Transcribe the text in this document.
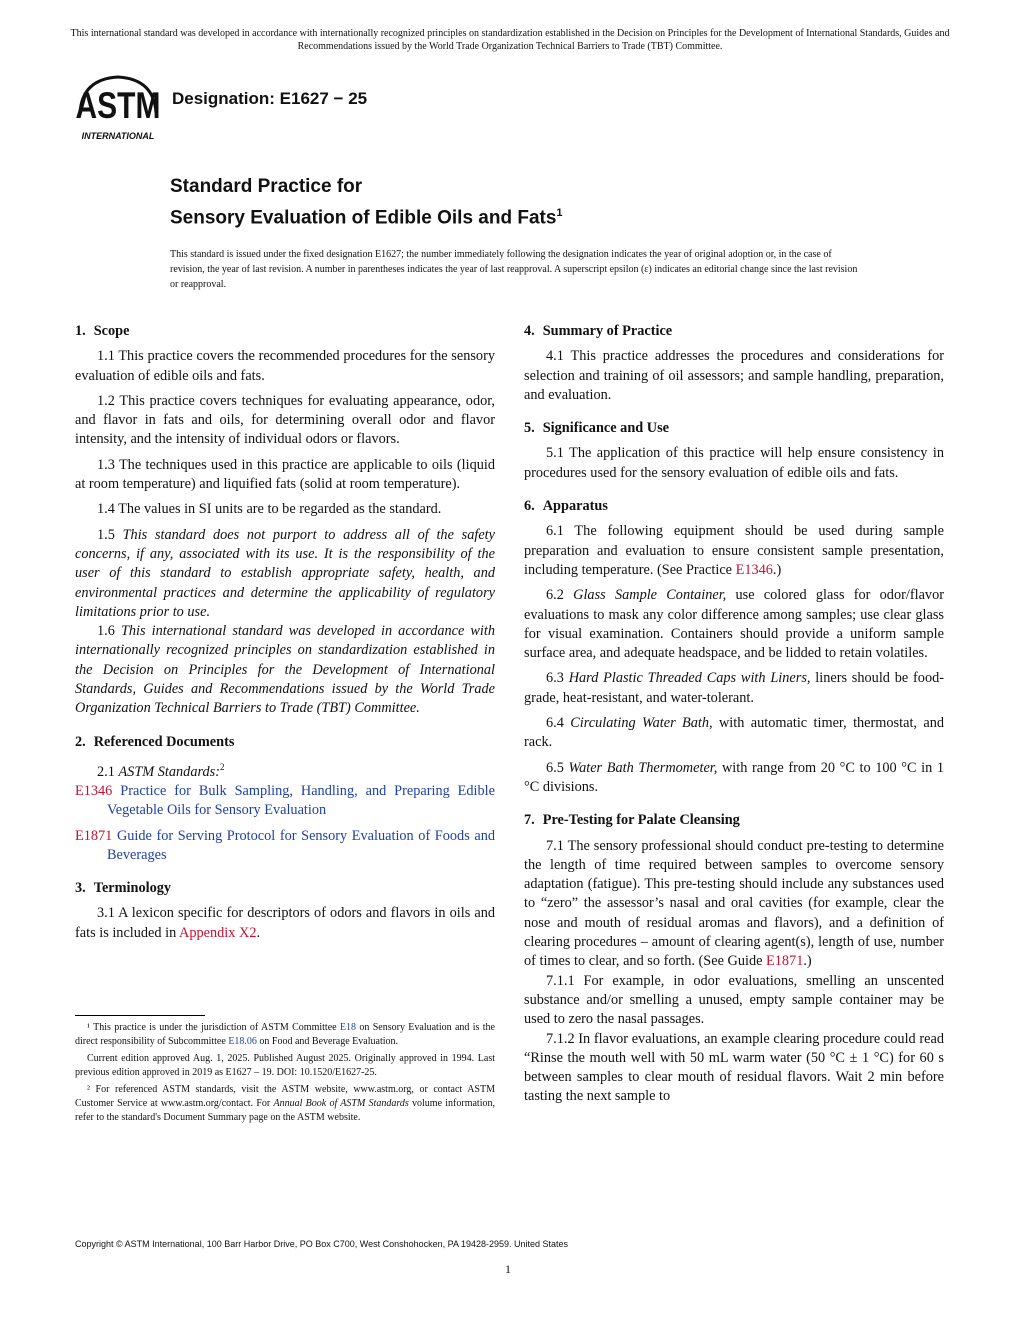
This international standard was developed in accordance with internationally recognized principles on standardization established in the Decision on Principles for the Development of International Standards, Guides and Recommendations issued by the World Trade Organization Technical Barriers to Trade (TBT) Committee.
ASTM
INTERNATIONAL
Designation: E1627 − 25
Standard Practice for
Sensory Evaluation of Edible Oils and Fats$^1$
This standard is issued under the fixed designation E1627; the number immediately following the designation indicates the year of original adoption or, in the case of revision, the year of last revision. A number in parentheses indicates the year of last reapproval. A superscript epsilon (ε) indicates an editorial change since the last revision or reapproval.
1. Scope

1.1 This practice covers the recommended procedures for the sensory evaluation of edible oils and fats.

1.2 This practice covers techniques for evaluating appearance, odor, and flavor in fats and oils, for determining overall odor and flavor intensity, and the intensity of individual odors or flavors.

1.3 The techniques used in this practice are applicable to oils (liquid at room temperature) and liquified fats (solid at room temperature).

1.4 The values in SI units are to be regarded as the standard.

1.5 This standard does not purport to address all of the safety concerns, if any, associated with its use. It is the responsibility of the user of this standard to establish appropriate safety, health, and environmental practices and determine the applicability of regulatory limitations prior to use.

1.6 This international standard was developed in accordance with internationally recognized principles on standardization established in the Decision on Principles for the Development of International Standards, Guides and Recommendations issued by the World Trade Organization Technical Barriers to Trade (TBT) Committee.

2. Referenced Documents

2.1 ASTM Standards:$^2$

E1346 Practice for Bulk Sampling, Handling, and Preparing Edible Vegetable Oils for Sensory Evaluation

E1871 Guide for Serving Protocol for Sensory Evaluation of Foods and Beverages

3. Terminology

3.1 A lexicon specific for descriptors of odors and flavors in oils and fats is included in Appendix X2.

¹ This practice is under the jurisdiction of ASTM Committee E18 on Sensory Evaluation and is the direct responsibility of Subcommittee E18.06 on Food and Beverage Evaluation.

Current edition approved Aug. 1, 2025. Published August 2025. Originally approved in 1994. Last previous edition approved in 2019 as E1627 – 19. DOI: 10.1520/E1627-25.

² For referenced ASTM standards, visit the ASTM website, www.astm.org, or contact ASTM Customer Service at www.astm.org/contact. For Annual Book of ASTM Standards volume information, refer to the standard's Document Summary page on the ASTM website.

4. Summary of Practice

4.1 This practice addresses the procedures and considerations for selection and training of oil assessors; and sample handling, preparation, and evaluation.

5. Significance and Use

5.1 The application of this practice will help ensure consistency in procedures used for the sensory evaluation of edible oils and fats.

6. Apparatus

6.1 The following equipment should be used during sample preparation and evaluation to ensure consistent sample presentation, including temperature. (See Practice E1346.)

6.2 Glass Sample Container, use colored glass for odor/flavor evaluations to mask any color difference among samples; use clear glass for visual examination. Containers should provide a uniform sample surface area, and adequate headspace, and be lidded to retain volatiles.

6.3 Hard Plastic Threaded Caps with Liners, liners should be food-grade, heat-resistant, and water-tolerant.

6.4 Circulating Water Bath, with automatic timer, thermostat, and rack.

6.5 Water Bath Thermometer, with range from 20 °C to 100 °C in 1 °C divisions.

7. Pre-Testing for Palate Cleansing

7.1 The sensory professional should conduct pre-testing to determine the length of time required between samples to overcome sensory adaptation (fatigue). This pre-testing should include any substances used to “zero” the assessor’s nasal and oral cavities (for example, clear the nose and mouth of residual aromas and flavors), and a definition of clearing procedures – amount of clearing agent(s), length of use, number of times to clear, and so forth. (See Guide E1871.)

7.1.1 For example, in odor evaluations, smelling an unscented substance and/or smelling a unused, empty sample container may be used to zero the nasal passages.

7.1.2 In flavor evaluations, an example clearing procedure could read “Rinse the mouth well with 50 mL warm water (50 °C ± 1 °C) for 60 s between samples to clear mouth of residual flavors. Wait 2 min before tasting the next sample to

Copyright © ASTM International, 100 Barr Harbor Drive, PO Box C700, West Conshohocken, PA 19428-2959. United States
1
